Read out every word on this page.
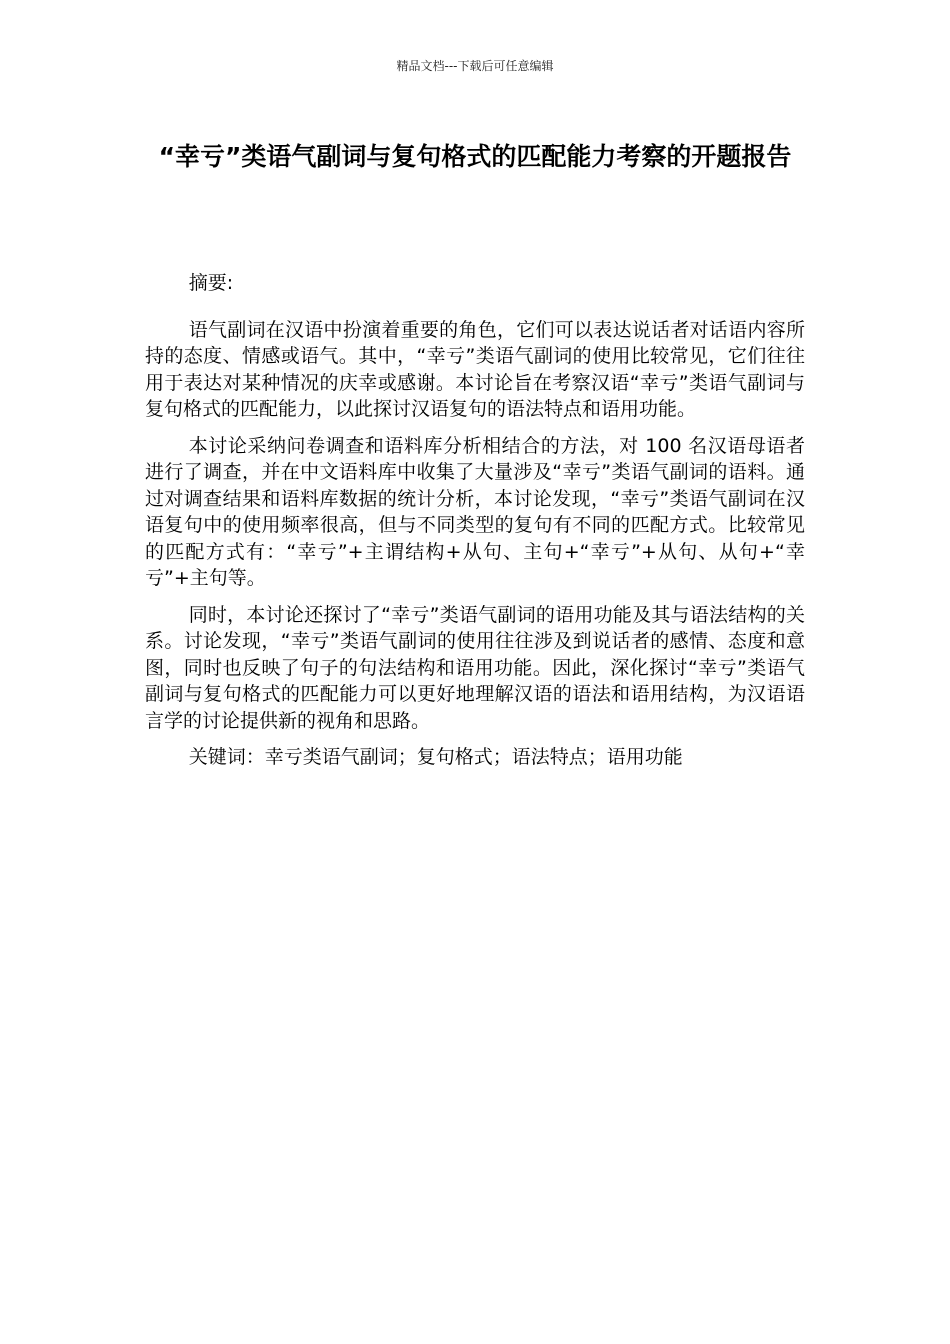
精品文档---下载后可任意编辑
“幸亏”类语气副词与复句格式的匹配能力考察的开题报告

摘要:

语气副词在汉语中扮演着重要的角色，它们可以表达说话者对话语内容所持的态度、情感或语气。其中，“幸亏”类语气副词的使用比较常见，它们往往用于表达对某种情况的庆幸或感谢。本讨论旨在考察汉语“幸亏”类语气副词与复句格式的匹配能力，以此探讨汉语复句的语法特点和语用功能。

本讨论采纳问卷调查和语料库分析相结合的方法，对 100 名汉语母语者进行了调查，并在中文语料库中收集了大量涉及“幸亏”类语气副词的语料。通过对调查结果和语料库数据的统计分析，本讨论发现，“幸亏”类语气副词在汉语复句中的使用频率很高，但与不同类型的复句有不同的匹配方式。比较常见的匹配方式有：“幸亏”+主谓结构+从句、主句+“幸亏”+从句、从句+“幸亏”+主句等。

同时，本讨论还探讨了“幸亏”类语气副词的语用功能及其与语法结构的关系。讨论发现，“幸亏”类语气副词的使用往往涉及到说话者的感情、态度和意图，同时也反映了句子的句法结构和语用功能。因此，深化探讨“幸亏”类语气副词与复句格式的匹配能力可以更好地理解汉语的语法和语用结构，为汉语语言学的讨论提供新的视角和思路。

关键词：幸亏类语气副词；复句格式；语法特点；语用功能
